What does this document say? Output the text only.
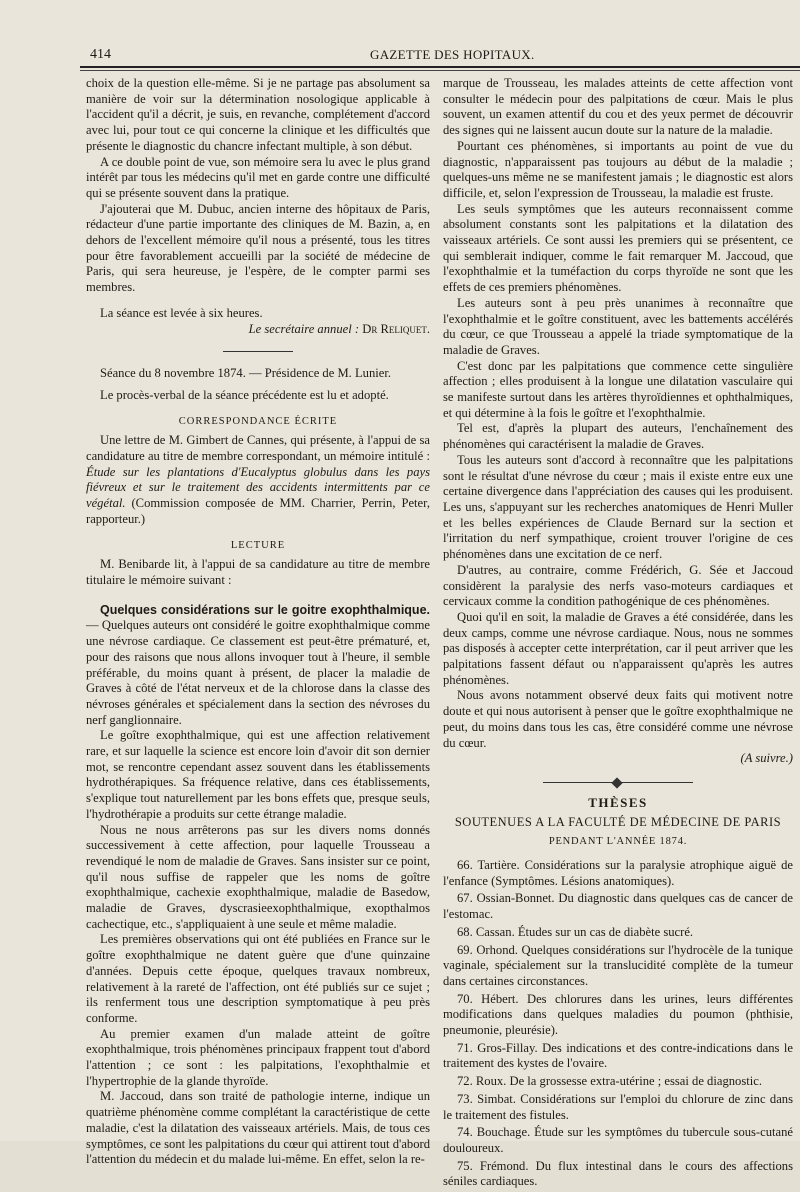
414	GAZETTE DES HOPITAUX.

choix de la question elle-même. Si je ne partage pas absolument sa manière de voir sur la détermination nosologique applicable à l'accident qu'il a décrit, je suis, en revanche, complétement d'accord avec lui, pour tout ce qui concerne la clinique et les difficultés que présente le diagnostic du chancre infectant multiple, à son début.

A ce double point de vue, son mémoire sera lu avec le plus grand intérêt par tous les médecins qu'il met en garde contre une difficulté qui se présente souvent dans la pratique.

J'ajouterai que M. Dubuc, ancien interne des hôpitaux de Paris, rédacteur d'une partie importante des cliniques de M. Bazin, a, en dehors de l'excellent mémoire qu'il nous a présenté, tous les titres pour être favorablement accueilli par la société de médecine de Paris, qui sera heureuse, je l'espère, de le compter parmi ses membres.

La séance est levée à six heures.

Le secrétaire annuel : Dr Reliquet.

Séance du 8 novembre 1874. — Présidence de M. Lunier.

Le procès-verbal de la séance précédente est lu et adopté.

CORRESPONDANCE ÉCRITE

Une lettre de M. Gimbert de Cannes, qui présente, à l'appui de sa candidature au titre de membre correspondant, un mémoire intitulé : Étude sur les plantations d'Eucalyptus globulus dans les pays fiévreux et sur le traitement des accidents intermittents par ce végétal. (Commission composée de MM. Charrier, Perrin, Peter, rapporteur.)

LECTURE

M. Benibarde lit, à l'appui de sa candidature au titre de membre titulaire le mémoire suivant :

Quelques considérations sur le goitre exophthalmique. — Quelques auteurs ont considéré le goitre exophthalmique comme une névrose cardiaque. Ce classement est peut-être prématuré, et, pour des raisons que nous allons invoquer tout à l'heure, il semble préférable, du moins quant à présent, de placer la maladie de Graves à côté de l'état nerveux et de la chlorose dans la classe des névroses générales et spécialement dans la section des névroses du nerf ganglionnaire.

Le goître exophthalmique, qui est une affection relativement rare, et sur laquelle la science est encore loin d'avoir dit son dernier mot, se rencontre cependant assez souvent dans les établissements hydrothérapiques. Sa fréquence relative, dans ces établissements, s'explique tout naturellement par les bons effets que, presque seuls, l'hydrothérapie a produits sur cette étrange maladie.

Nous ne nous arrêterons pas sur les divers noms donnés successivement à cette affection, pour laquelle Trousseau a revendiqué le nom de maladie de Graves. Sans insister sur ce point, qu'il nous suffise de rappeler que les noms de goître exophthalmique, cachexie exophthalmique, maladie de Basedow, maladie de Graves, dyscrasieexophthalmique, exopthalmos cachectique, etc., s'appliquaient à une seule et même maladie.

Les premières observations qui ont été publiées en France sur le goître exophthalmique ne datent guère que d'une quinzaine d'années. Depuis cette époque, quelques travaux nombreux, relativement à la rareté de l'affection, ont été publiés sur ce sujet ; ils renferment tous une description symptomatique à peu près conforme.

Au premier examen d'un malade atteint de goître exophthalmique, trois phénomènes principaux frappent tout d'abord l'attention ; ce sont : les palpitations, l'exophthalmie et l'hypertrophie de la glande thyroïde.

M. Jaccoud, dans son traité de pathologie interne, indique un quatrième phénomène comme complétant la caractéristique de cette maladie, c'est la dilatation des vaisseaux artériels. Mais, de tous ces symptômes, ce sont les palpitations du cœur qui attirent tout d'abord l'attention du médecin et du malade lui-même. En effet, selon la re-

marque de Trousseau, les malades atteints de cette affection vont consulter le médecin pour des palpitations de cœur. Mais le plus souvent, un examen attentif du cou et des yeux permet de découvrir des signes qui ne laissent aucun doute sur la nature de la maladie.

Pourtant ces phénomènes, si importants au point de vue du diagnostic, n'apparaissent pas toujours au début de la maladie ; quelques-uns même ne se manifestent jamais ; le diagnostic est alors difficile, et, selon l'expression de Trousseau, la maladie est fruste.

Les seuls symptômes que les auteurs reconnaissent comme absolument constants sont les palpitations et la dilatation des vaisseaux artériels. Ce sont aussi les premiers qui se présentent, ce qui semblerait indiquer, comme le fait remarquer M. Jaccoud, que l'exophthalmie et la tuméfaction du corps thyroïde ne sont que les effets de ces premiers phénomènes.

Les auteurs sont à peu près unanimes à reconnaître que l'exophthalmie et le goître constituent, avec les battements accélérés du cœur, ce que Trousseau a appelé la triade symptomatique de la maladie de Graves.

C'est donc par les palpitations que commence cette singulière affection ; elles produisent à la longue une dilatation vasculaire qui se manifeste surtout dans les artères thyroïdiennes et ophthalmiques, et qui détermine à la fois le goître et l'exophthalmie.

Tel est, d'après la plupart des auteurs, l'enchaînement des phénomènes qui caractérisent la maladie de Graves.

Tous les auteurs sont d'accord à reconnaître que les palpitations sont le résultat d'une névrose du cœur ; mais il existe entre eux une certaine divergence dans l'appréciation des causes qui les produisent. Les uns, s'appuyant sur les recherches anatomiques de Henri Muller et les belles expériences de Claude Bernard sur la section et l'irritation du nerf sympathique, croient trouver l'origine de ces phénomènes dans une excitation de ce nerf.

D'autres, au contraire, comme Frédérich, G. Sée et Jaccoud considèrent la paralysie des nerfs vaso-moteurs cardiaques et cervicaux comme la condition pathogénique de ces phénomènes.

Quoi qu'il en soit, la maladie de Graves a été considérée, dans les deux camps, comme une névrose cardiaque. Nous, nous ne sommes pas disposés à accepter cette interprétation, car il peut arriver que les palpitations fassent défaut ou n'apparaissent qu'après les autres phénomènes.

Nous avons notamment observé deux faits qui motivent notre doute et qui nous autorisent à penser que le goître exophthalmique ne peut, du moins dans tous les cas, être considéré comme une névrose du cœur.

(A suivre.)

THÈSES
SOUTENUES A LA FACULTÉ DE MÉDECINE DE PARIS
PENDANT L'ANNÉE 1874.

66. Tartière. Considérations sur la paralysie atrophique aiguë de l'enfance (Symptômes. Lésions anatomiques).

67. Ossian-Bonnet. Du diagnostic dans quelques cas de cancer de l'estomac.

68. Cassan. Études sur un cas de diabète sucré.

69. Orhond. Quelques considérations sur l'hydrocèle de la tunique vaginale, spécialement sur la translucidité complète de la tumeur dans certaines circonstances.

70. Hébert. Des chlorures dans les urines, leurs différentes modifications dans quelques maladies du poumon (phthisie, pneumonie, pleurésie).

71. Gros-Fillay. Des indications et des contre-indications dans le traitement des kystes de l'ovaire.

72. Roux. De la grossesse extra-utérine ; essai de diagnostic.

73. Simbat. Considérations sur l'emploi du chlorure de zinc dans le traitement des fistules.

74. Bouchage. Étude sur les symptômes du tubercule sous-cutané douloureux.

75. Frémond. Du flux intestinal dans le cours des affections séniles cardiaques.
